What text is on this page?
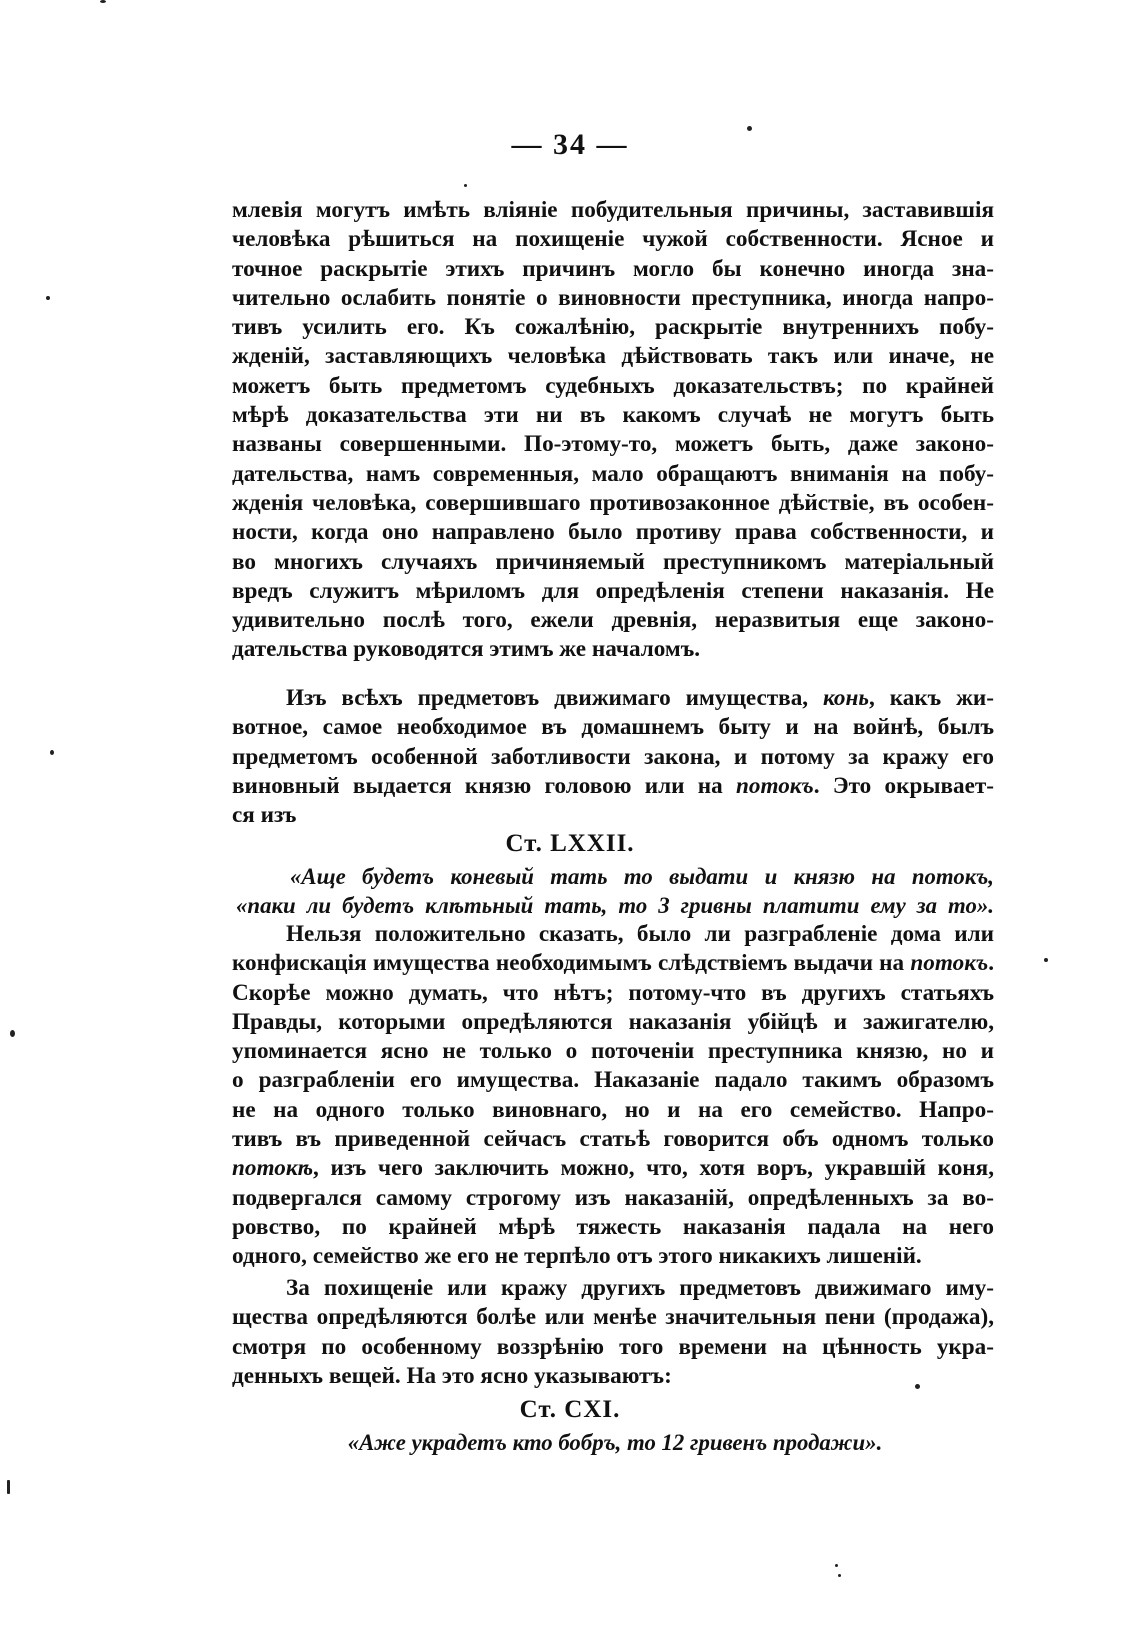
— 34 —
млевія могутъ имѣть вліяніе побудительныя причины, заставившія
человѣка рѣшиться на похищеніе чужой собственности. Ясное и
точное раскрытіе этихъ причинъ могло бы конечно иногда зна-
чительно ослабить понятіе о виновности преступника, иногда напро-
тивъ усилить его. Къ сожалѣнію, раскрытіе внутреннихъ побу-
жденій, заставляющихъ человѣка дѣйствовать такъ или иначе, не
можетъ быть предметомъ судебныхъ доказательствъ; по крайней
мѣрѣ доказательства эти ни въ какомъ случаѣ не могутъ быть
названы совершенными. По-этому-то, можетъ быть, даже законо-
дательства, намъ современныя, мало обращаютъ вниманія на побу-
жденія человѣка, совершившаго противозаконное дѣйствіе, въ особен-
ности, когда оно направлено было противу права собственности, и
во многихъ случаяхъ причиняемый преступникомъ матеріальный
вредъ служитъ мѣриломъ для опредѣленія степени наказанія. Не
удивительно послѣ того, ежели древнія, неразвитыя еще законо-
дательства руководятся этимъ же началомъ.
Изъ всѣхъ предметовъ движимаго имущества, конь, какъ жи-
вотное, самое необходимое въ домашнемъ быту и на войнѣ, былъ
предметомъ особенной заботливости закона, и потому за кражу его
виновный выдается князю головою или на потокъ. Это окрывает-
ся изъ
Ст. LXXII.
«Аще будетъ коневый тать то выдати и князю на потокъ,
«паки ли будетъ клѣтьный тать, то 3 гривны платити ему за то».
Нельзя положительно сказать, было ли разграбленіе дома или
конфискація имущества необходимымъ слѣдствіемъ выдачи на потокъ.
Скорѣе можно думать, что нѣтъ; потому-что въ другихъ статьяхъ
Правды, которыми опредѣляются наказанія убійцѣ и зажигателю,
упоминается ясно не только о поточеніи преступника князю, но и
о разграбленіи его имущества. Наказаніе падало такимъ образомъ
не на одного только виновнаго, но и на его семейство. Напро-
тивъ въ приведенной сейчасъ статьѣ говорится объ одномъ только
потокѣ, изъ чего заключить можно, что, хотя воръ, укравшій коня,
подвергался самому строгому изъ наказаній, опредѣленныхъ за во-
ровство, по крайней мѣрѣ тяжесть наказанія падала на него
одного, семейство же его не терпѣло отъ этого никакихъ лишеній.
За похищеніе или кражу другихъ предметовъ движимаго иму-
щества опредѣляются болѣе или менѣе значительныя пени (продажа),
смотря по особенному воззрѣнію того времени на цѣнность укра-
денныхъ вещей. На это ясно указываютъ:
Ст. CXI.
«Аже украдетъ кто бобръ, то 12 гривенъ продажи».
